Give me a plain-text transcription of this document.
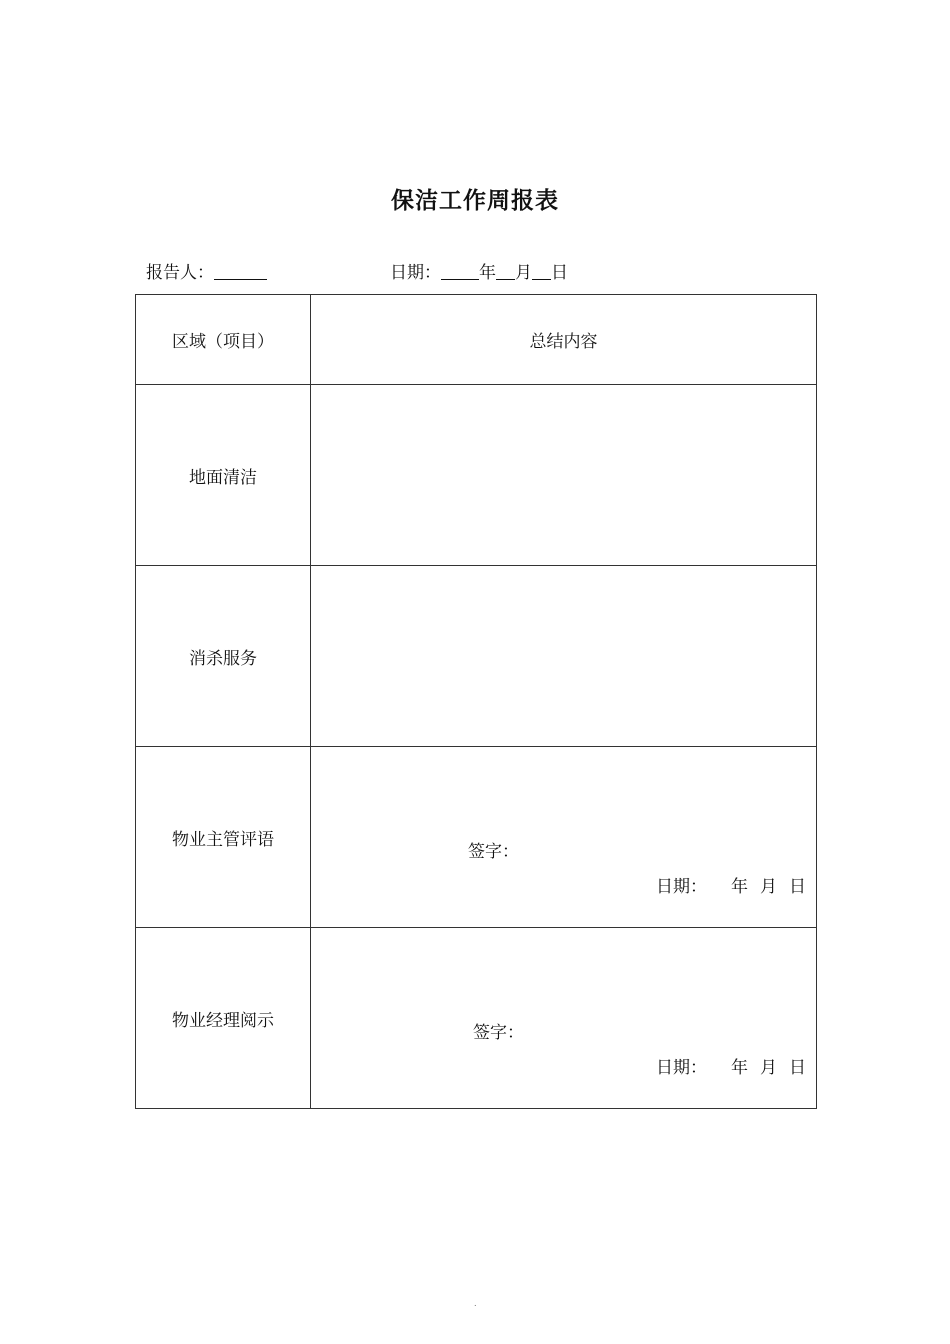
保洁工作周报表
报告人：	日期： 年 月 日
区域（项目）	总结内容
地面清洁	
消杀服务	
物业主管评语	签字：
日期： 年 月 日

物业经理阅示	签字：
日期： 年 月 日
.
